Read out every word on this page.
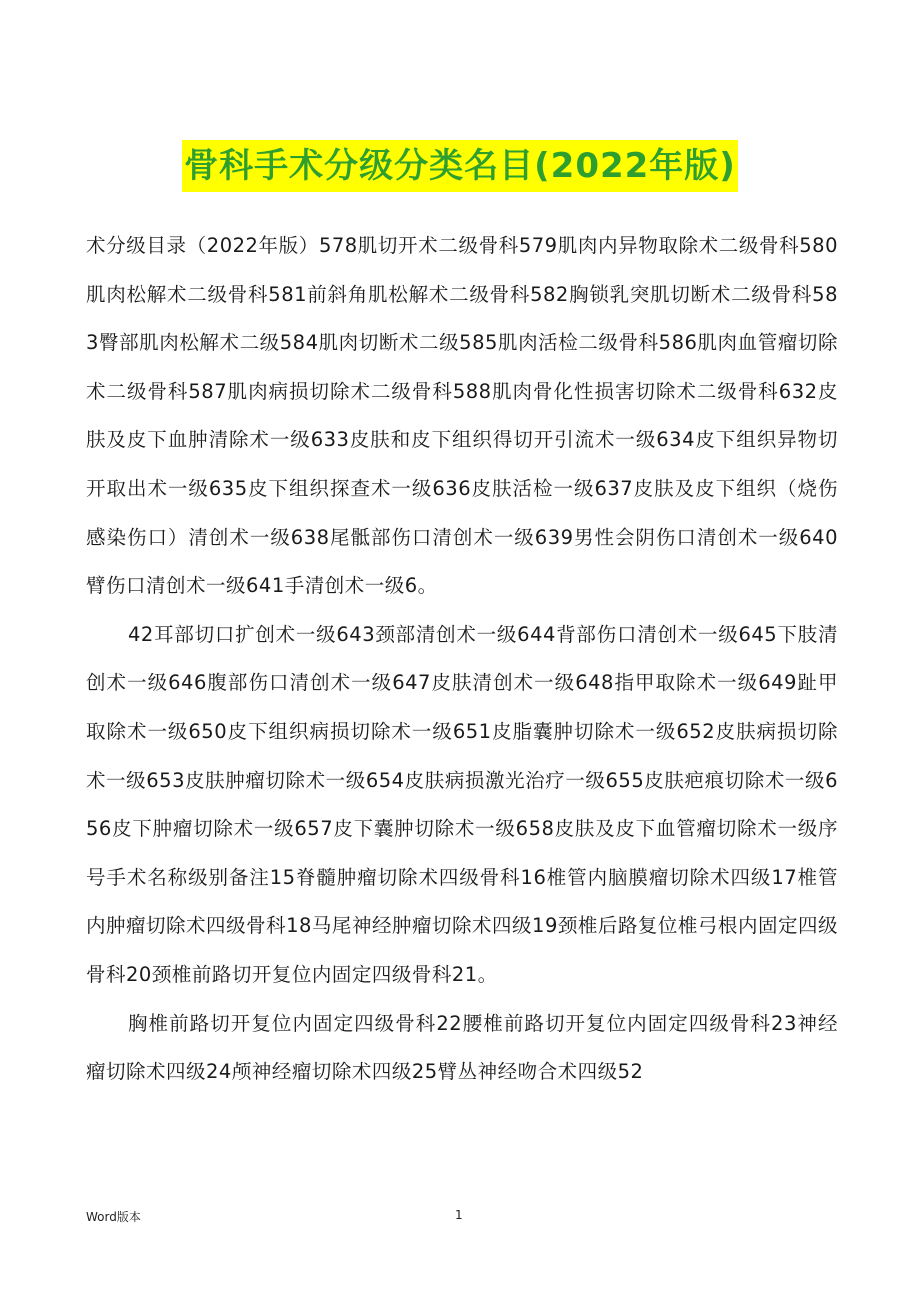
骨科手术分级分类名目(2022年版)

术分级目录（2022年版）578肌切开术二级骨科579肌肉内异物取除术二级骨科580肌肉松解术二级骨科581前斜角肌松解术二级骨科582胸锁乳突肌切断术二级骨科583臀部肌肉松解术二级584肌肉切断术二级585肌肉活检二级骨科586肌肉血管瘤切除术二级骨科587肌肉病损切除术二级骨科588肌肉骨化性损害切除术二级骨科632皮肤及皮下血肿清除术一级633皮肤和皮下组织得切开引流术一级634皮下组织异物切开取出术一级635皮下组织探查术一级636皮肤活检一级637皮肤及皮下组织（烧伤感染伤口）清创术一级638尾骶部伤口清创术一级639男性会阴伤口清创术一级640臂伤口清创术一级641手清创术一级6。

42耳部切口扩创术一级643颈部清创术一级644背部伤口清创术一级645下肢清创术一级646腹部伤口清创术一级647皮肤清创术一级648指甲取除术一级649趾甲取除术一级650皮下组织病损切除术一级651皮脂囊肿切除术一级652皮肤病损切除术一级653皮肤肿瘤切除术一级654皮肤病损激光治疗一级655皮肤疤痕切除术一级656皮下肿瘤切除术一级657皮下囊肿切除术一级658皮肤及皮下血管瘤切除术一级序号手术名称级别备注15脊髓肿瘤切除术四级骨科16椎管内脑膜瘤切除术四级17椎管内肿瘤切除术四级骨科18马尾神经肿瘤切除术四级19颈椎后路复位椎弓根内固定四级骨科20颈椎前路切开复位内固定四级骨科21。

胸椎前路切开复位内固定四级骨科22腰椎前路切开复位内固定四级骨科23神经瘤切除术四级24颅神经瘤切除术四级25臂丛神经吻合术四级52

Word版本	1
